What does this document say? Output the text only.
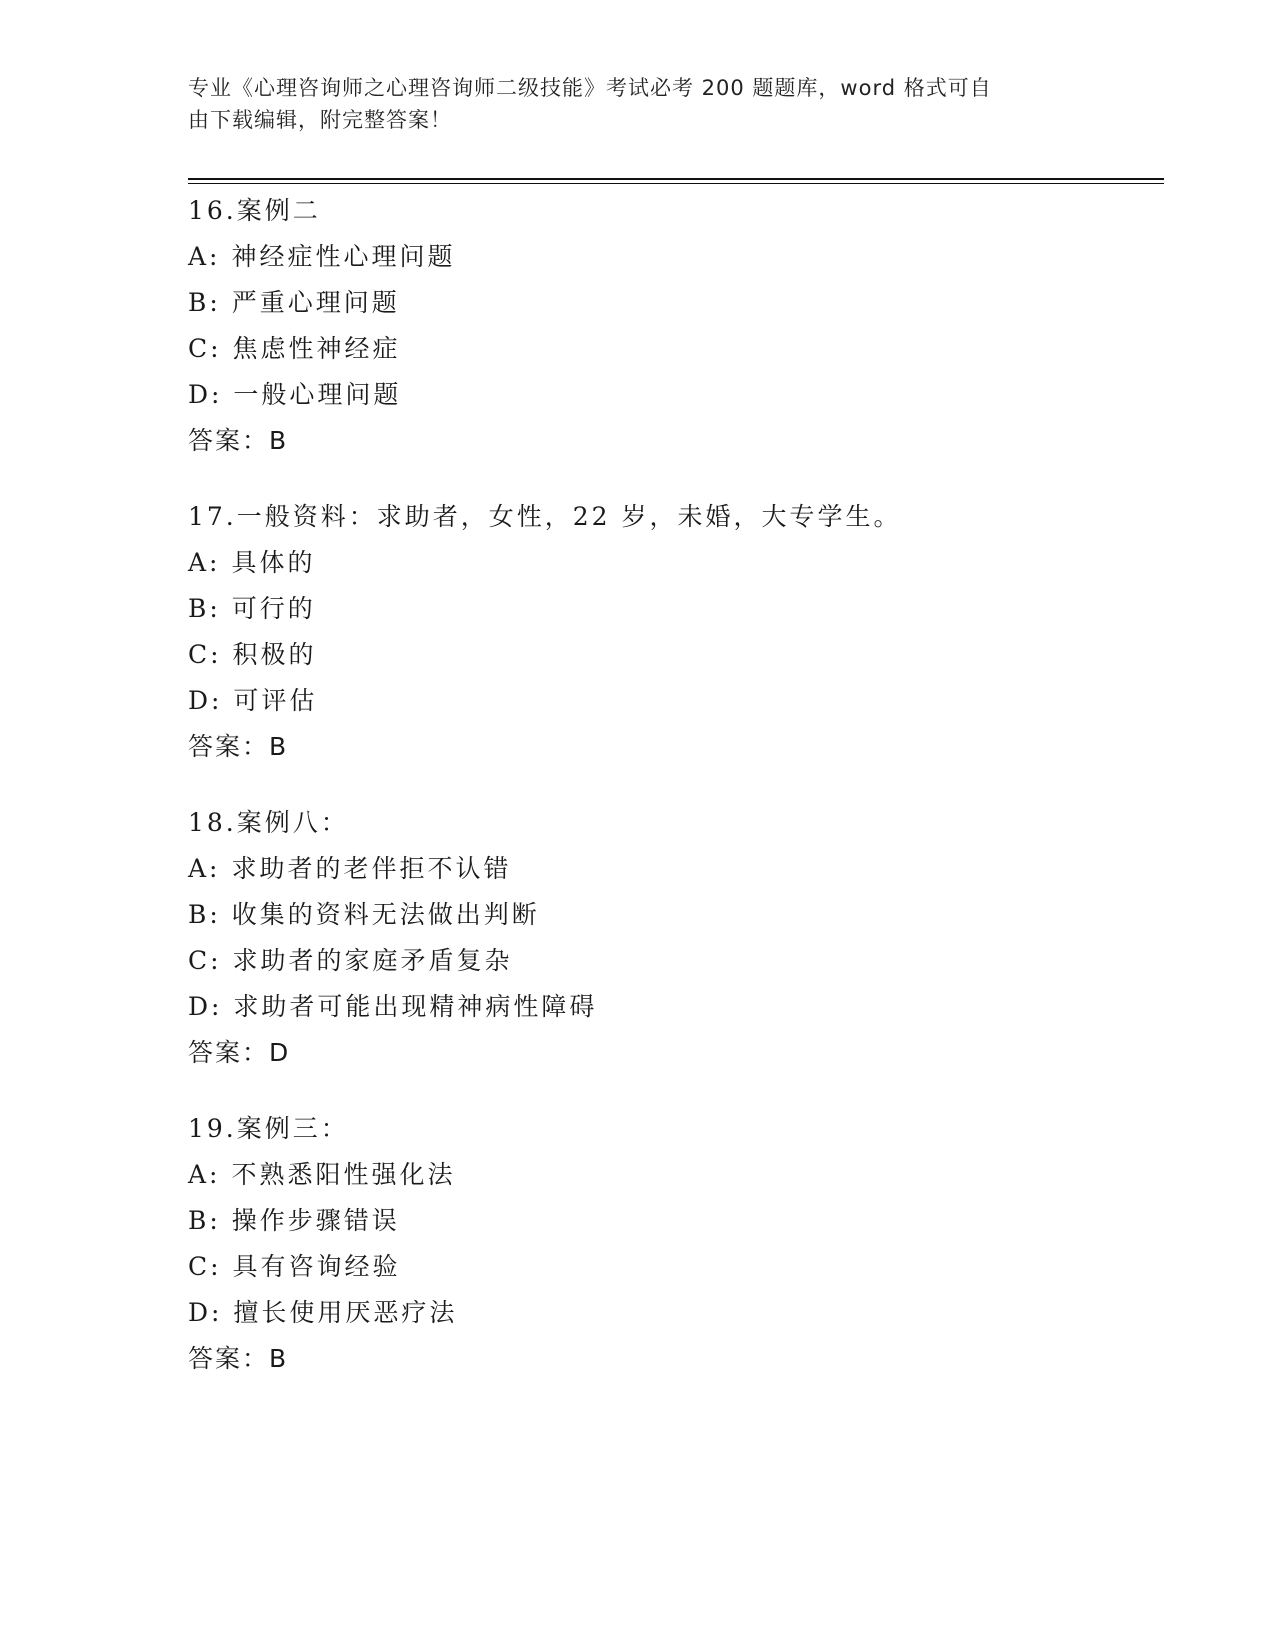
专业《心理咨询师之心理咨询师二级技能》考试必考 200 题题库，word 格式可自
由下载编辑，附完整答案！
16.案例二
A: 神经症性心理问题
B: 严重心理问题
C: 焦虑性神经症
D: 一般心理问题
答案：B
17.一般资料：求助者，女性，22 岁，未婚，大专学生。
A: 具体的
B: 可行的
C: 积极的
D: 可评估
答案：B
18.案例八：
A: 求助者的老伴拒不认错
B: 收集的资料无法做出判断
C: 求助者的家庭矛盾复杂
D: 求助者可能出现精神病性障碍
答案：D
19.案例三：
A: 不熟悉阳性强化法
B: 操作步骤错误
C: 具有咨询经验
D: 擅长使用厌恶疗法
答案：B
